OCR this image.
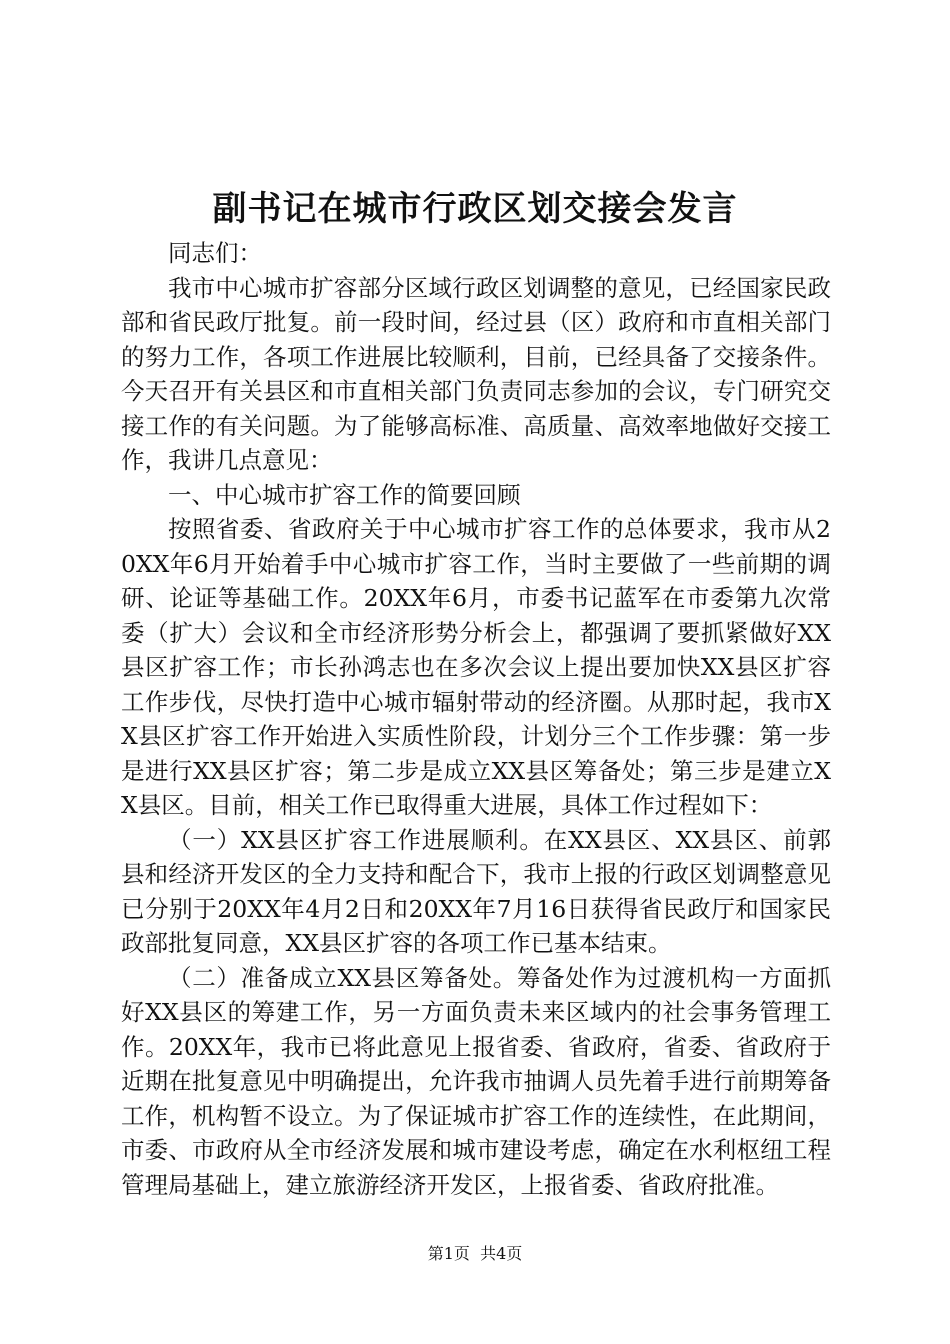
副书记在城市行政区划交接会发言

同志们：

我市中心城市扩容部分区域行政区划调整的意见，已经国家民政部和省民政厅批复。前一段时间，经过县（区）政府和市直相关部门的努力工作，各项工作进展比较顺利，目前，已经具备了交接条件。今天召开有关县区和市直相关部门负责同志参加的会议，专门研究交接工作的有关问题。为了能够高标准、高质量、高效率地做好交接工作，我讲几点意见：

一、中心城市扩容工作的简要回顾

按照省委、省政府关于中心城市扩容工作的总体要求，我市从20XX年6月开始着手中心城市扩容工作，当时主要做了一些前期的调研、论证等基础工作。20XX年6月，市委书记蓝军在市委第九次常委（扩大）会议和全市经济形势分析会上，都强调了要抓紧做好XX县区扩容工作；市长孙鸿志也在多次会议上提出要加快XX县区扩容工作步伐，尽快打造中心城市辐射带动的经济圈。从那时起，我市XX县区扩容工作开始进入实质性阶段，计划分三个工作步骤：第一步是进行XX县区扩容；第二步是成立XX县区筹备处；第三步是建立XX县区。目前，相关工作已取得重大进展，具体工作过程如下：

（一）XX县区扩容工作进展顺利。在XX县区、XX县区、前郭县和经济开发区的全力支持和配合下，我市上报的行政区划调整意见已分别于20XX年4月2日和20XX年7月16日获得省民政厅和国家民政部批复同意，XX县区扩容的各项工作已基本结束。

（二）准备成立XX县区筹备处。筹备处作为过渡机构一方面抓好XX县区的筹建工作，另一方面负责未来区域内的社会事务管理工作。20XX年，我市已将此意见上报省委、省政府，省委、省政府于近期在批复意见中明确提出，允许我市抽调人员先着手进行前期筹备工作，机构暂不设立。为了保证城市扩容工作的连续性，在此期间，市委、市政府从全市经济发展和城市建设考虑，确定在水利枢纽工程管理局基础上，建立旅游经济开发区，上报省委、省政府批准。

第1页 共4页
